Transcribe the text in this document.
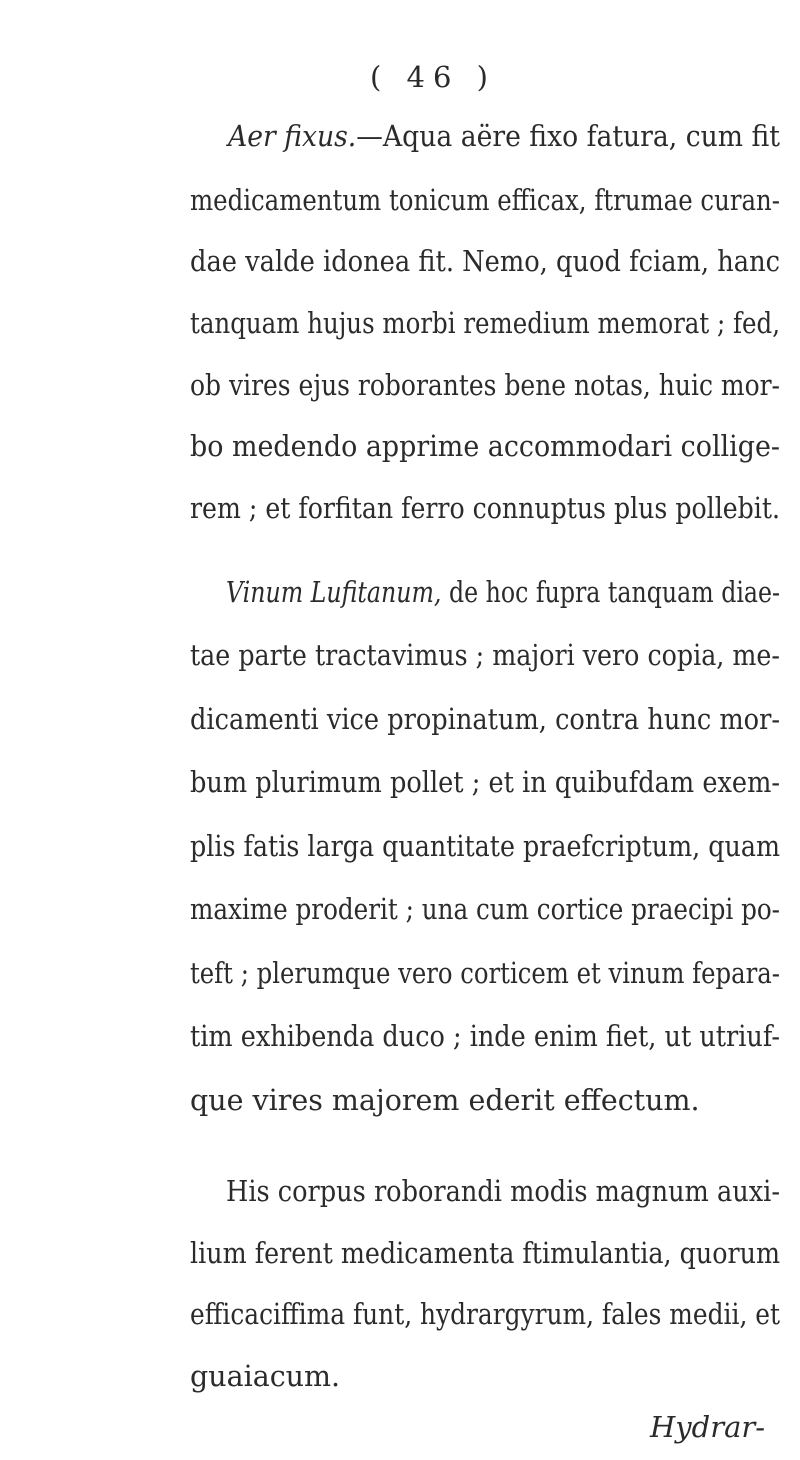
( 46 )
Aer fixus.—Aqua aëre fixo fatura, cum fit
medicamentum tonicum efficax, ftrumae curan-
dae valde idonea fit. Nemo, quod fciam, hanc
tanquam hujus morbi remedium memorat ; fed,
ob vires ejus roborantes bene notas, huic mor-
bo medendo apprime accommodari collige-
rem ; et forfitan ferro connuptus plus pollebit.
Vinum Lufitanum, de hoc fupra tanquam diae-
tae parte tractavimus ; majori vero copia, me-
dicamenti vice propinatum, contra hunc mor-
bum plurimum pollet ; et in quibufdam exem-
plis fatis larga quantitate praefcriptum, quam
maxime proderit ; una cum cortice praecipi po-
teft ; plerumque vero corticem et vinum fepara-
tim exhibenda duco ; inde enim fiet, ut utriuf-
que vires majorem ederit effectum.
His corpus roborandi modis magnum auxi-
lium ferent medicamenta ftimulantia, quorum
efficaciffima funt, hydrargyrum, fales medii, et
guaiacum.
Hydrar-
